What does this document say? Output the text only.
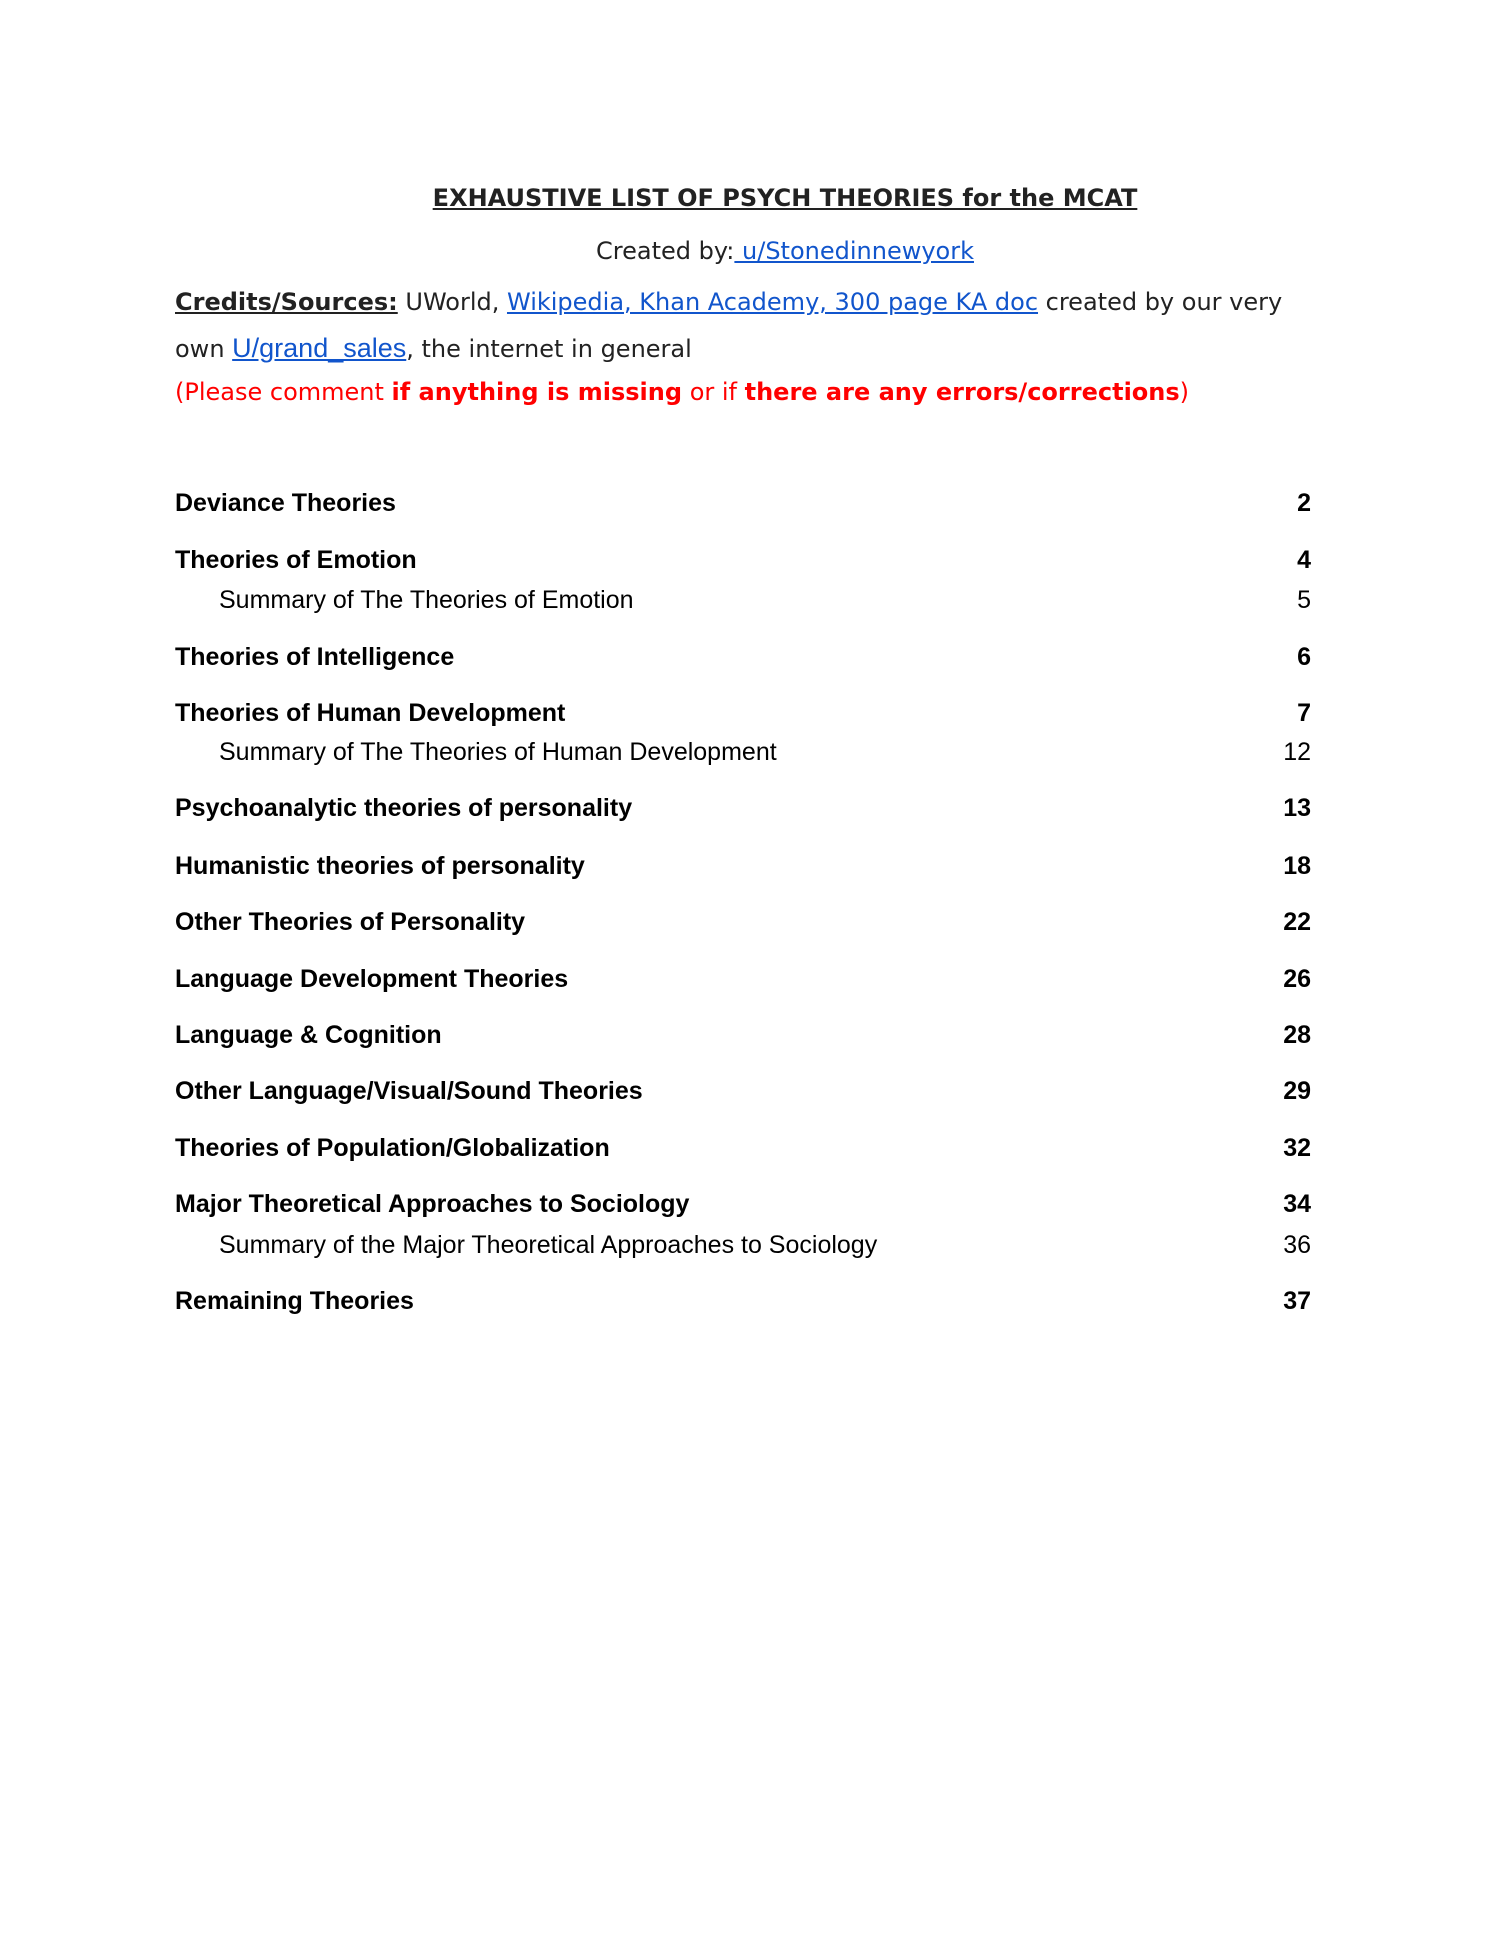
EXHAUSTIVE LIST OF PSYCH THEORIES for the MCAT
Created by: u/Stonedinnewyork
Credits/Sources: UWorld, Wikipedia, Khan Academy, 300 page KA doc created by our very
own U/grand_sales, the internet in general
(Please comment if anything is missing or if there are any errors/corrections)
Deviance Theories	2
Theories of Emotion	4
Summary of The Theories of Emotion	5
Theories of Intelligence	6
Theories of Human Development	7
Summary of The Theories of Human Development	12
Psychoanalytic theories of personality	13
Humanistic theories of personality	18
Other Theories of Personality	22
Language Development Theories	26
Language & Cognition	28
Other Language/Visual/Sound Theories	29
Theories of Population/Globalization	32
Major Theoretical Approaches to Sociology	34
Summary of the Major Theoretical Approaches to Sociology	36
Remaining Theories	37
